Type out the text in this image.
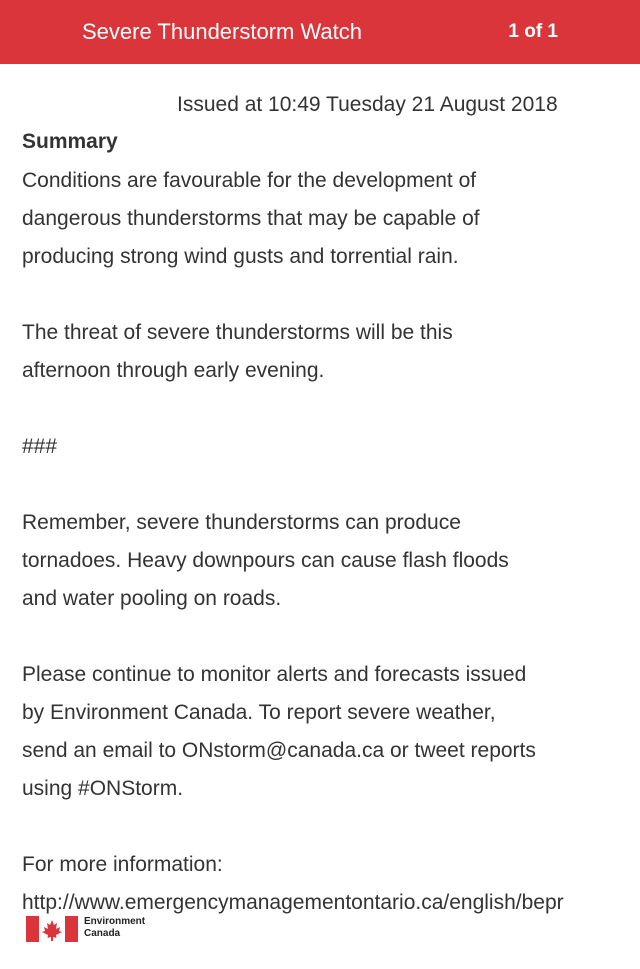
Severe Thunderstorm Watch	1 of 1
Issued at 10:49 Tuesday 21 August 2018
Summary

Conditions are favourable for the development of

dangerous thunderstorms that may be capable of

producing strong wind gusts and torrential rain.

The threat of severe thunderstorms will be this

afternoon through early evening.

###

Remember, severe thunderstorms can produce

tornadoes. Heavy downpours can cause flash floods

and water pooling on roads.

Please continue to monitor alerts and forecasts issued

by Environment Canada. To report severe weather,

send an email to ONstorm@canada.ca or tweet reports

using #ONStorm.

For more information:

http://www.emergencymanagementontario.ca/english/bepr

Environment
Canada
